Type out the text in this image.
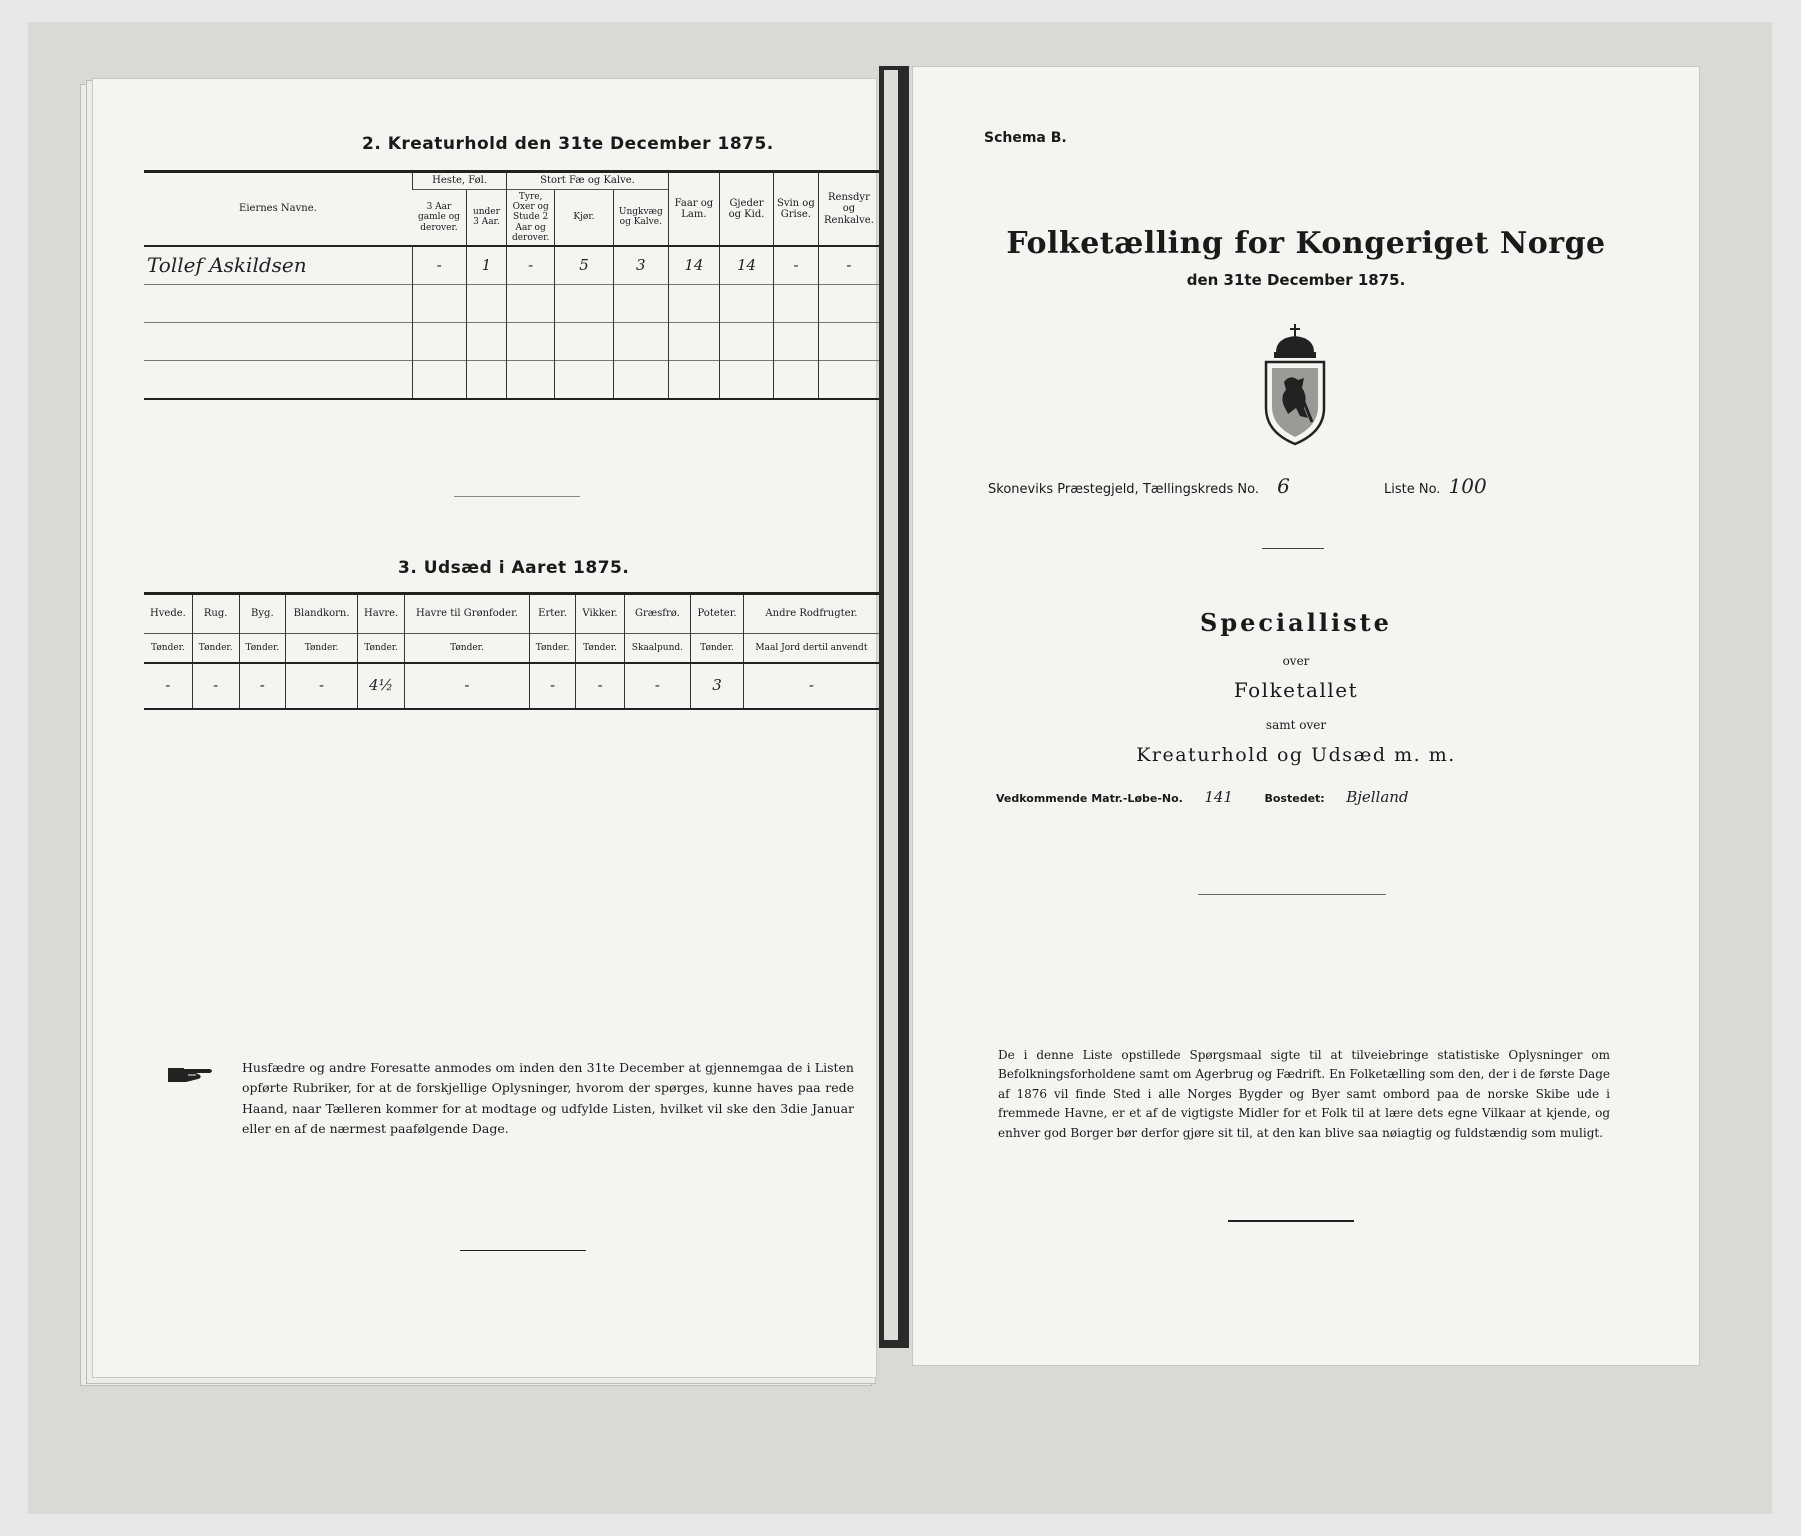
2. Kreaturhold den 31te December 1875.
Eiernes Navne.	Heste, Føl.		Stort Fæ og Kalve.			Faar og Lam.	Gjeder og Kid.	Svin og Grise.	Rensdyr og Renkalve.
	3 Aar gamle og derover.	under 3 Aar.	Tyre, Oxer og Stude 2 Aar og derover.	Kjør.	Ungkvæg og Kalve.				
Tollef Askildsen	-	1	-	5	3	14	14	-	-

3. Udsæd i Aaret 1875.
Hvede.	Rug.	Byg.	Blandkorn.	Havre.	Havre til Grønfoder.	Erter.	Vikker.	Græsfrø.	Poteter.	Andre Rodfrugter.
Tønder.	Tønder.	Tønder.	Tønder.	Tønder.	Tønder.	Tønder.	Tønder.	Skaalpund.	Tønder.	Maal Jord dertil anvendt
-	-	-	-	4½	-	-	-	-	3	-
Husfædre og andre Foresatte anmodes om inden den 31te December at gjennemgaa de i Listen opførte Rubriker, for at de forskjellige Oplysninger, hvorom der spørges, kunne haves paa rede Haand, naar Tælleren kommer for at modtage og udfylde Listen, hvilket vil ske den 3die Januar eller en af de nærmest paafølgende Dage.
Schema B.
Folketælling for Kongeriget Norge
den 31te December 1875.
Skoneviks Præstegjeld, Tællingskreds No. 6	Liste No. 100
Specialliste
over
Folketallet
samt over
Kreaturhold og Udsæd m. m.
Vedkommende Matr.-Løbe-No. 141	Bostedet: Bjelland
De i denne Liste opstillede Spørgsmaal sigte til at tilveiebringe statistiske Oplysninger om Befolkningsforholdene samt om Agerbrug og Fædrift. En Folketælling som den, der i de første Dage af 1876 vil finde Sted i alle Norges Bygder og Byer samt ombord paa de norske Skibe ude i fremmede Havne, er et af de vigtigste Midler for et Folk til at lære dets egne Vilkaar at kjende, og enhver god Borger bør derfor gjøre sit til, at den kan blive saa nøiagtig og fuldstændig som muligt.
